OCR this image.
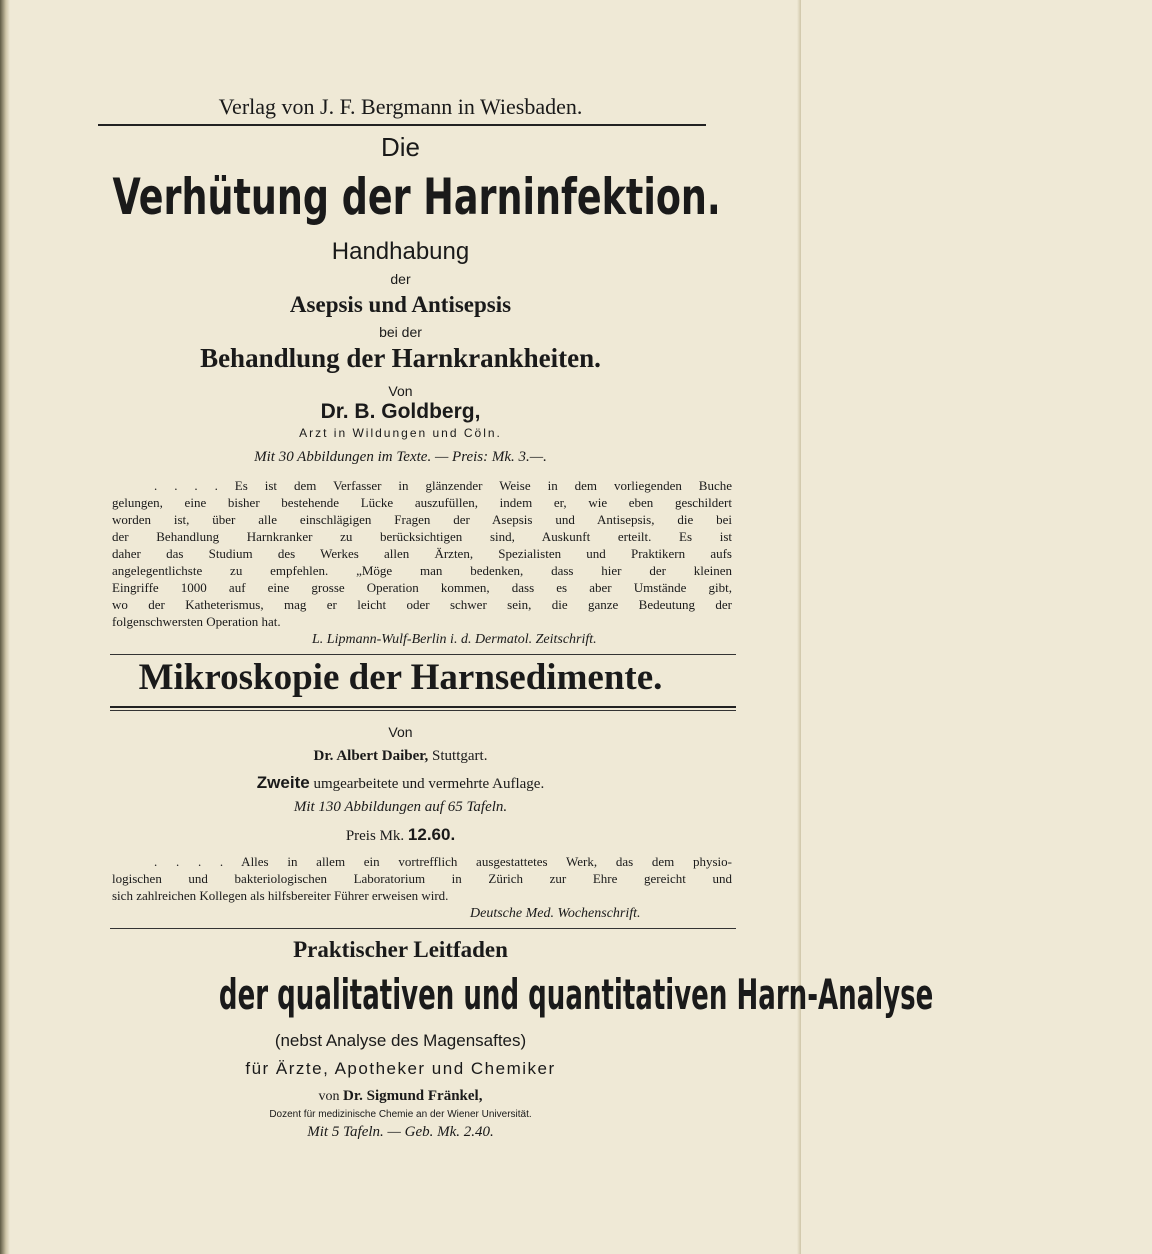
Verlag von J. F. Bergmann in Wiesbaden.
Die
Verhütung der Harninfektion.
Handhabung
der
Asepsis und Antisepsis
bei der
Behandlung der Harnkrankheiten.
Von
Dr. B. Goldberg,
Arzt in Wildungen und Cöln.
Mit 30 Abbildungen im Texte. — Preis: Mk. 3.—.
. . . . Es ist dem Verfasser in glänzender Weise in dem vorliegenden Buche
gelungen, eine bisher bestehende Lücke auszufüllen, indem er, wie eben geschildert
worden ist, über alle einschlägigen Fragen der Asepsis und Antisepsis, die bei
der Behandlung Harnkranker zu berücksichtigen sind, Auskunft erteilt. Es ist
daher das Studium des Werkes allen Ärzten, Spezialisten und Praktikern aufs
angelegentlichste zu empfehlen. „Möge man bedenken, dass hier der kleinen
Eingriffe 1000 auf eine grosse Operation kommen, dass es aber Umstände gibt,
wo der Katheterismus, mag er leicht oder schwer sein, die ganze Bedeutung der
folgenschwersten Operation hat.
L. Lipmann-Wulf-Berlin i. d. Dermatol. Zeitschrift.
Mikroskopie der Harnsedimente.
Von
Dr. Albert Daiber, Stuttgart.
Zweite umgearbeitete und vermehrte Auflage.
Mit 130 Abbildungen auf 65 Tafeln.
Preis Mk. 12.60.
. . . . Alles in allem ein vortrefflich ausgestattetes Werk, das dem physio-
logischen und bakteriologischen Laboratorium in Zürich zur Ehre gereicht und
sich zahlreichen Kollegen als hilfsbereiter Führer erweisen wird.
Deutsche Med. Wochenschrift.
Praktischer Leitfaden
der qualitativen und quantitativen Harn-Analyse
(nebst Analyse des Magensaftes)
für Ärzte, Apotheker und Chemiker
von Dr. Sigmund Fränkel,
Dozent für medizinische Chemie an der Wiener Universität.
Mit 5 Tafeln. — Geb. Mk. 2.40.
